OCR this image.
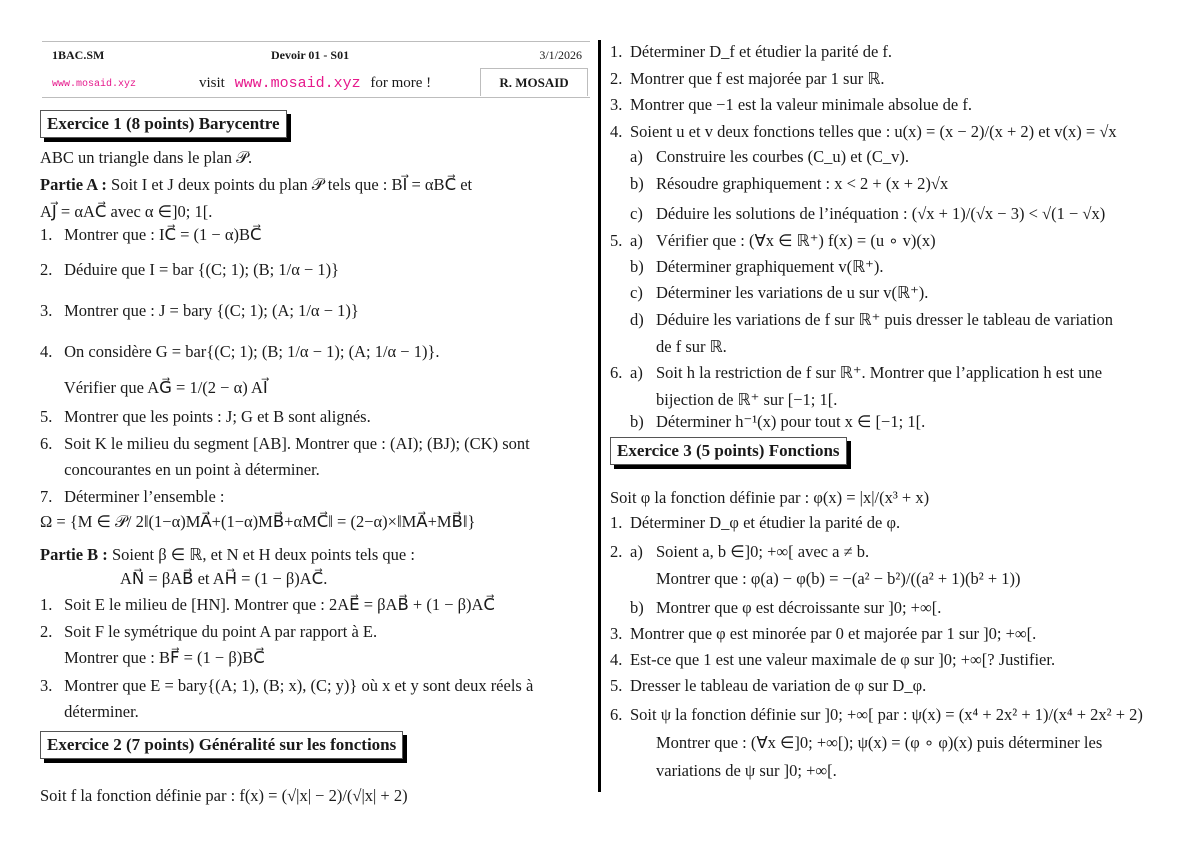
1BAC.SM	Devoir 01 - S01	3/1/2026
www.mosaid.xyz	visit www.mosaid.xyz for more !	R. MOSAID
Exercice 1 (8 points) Barycentre
ABC un triangle dans le plan 𝒫.
Partie A : Soit I et J deux points du plan 𝒫 tels que : BI⃗ = αBC⃗ et
AJ⃗ = αAC⃗ avec α ∈]0; 1[.
1. Montrer que : IC⃗ = (1 − α)BC⃗
2. Déduire que I = bar {(C; 1); (B; 1/α − 1)}
3. Montrer que : J = bary {(C; 1); (A; 1/α − 1)}
4. On considère G = bar{(C; 1); (B; 1/α − 1); (A; 1/α − 1)}.
Vérifier que AG⃗ = 1/(2 − α) AI⃗
5. Montrer que les points : J; G et B sont alignés.
6. Soit K le milieu du segment [AB]. Montrer que : (AI); (BJ); (CK) sont
concourantes en un point à déterminer.
7. Déterminer l’ensemble :
Ω = {M ∈ 𝒫/ 2‖(1−α)MA⃗+(1−α)MB⃗+αMC⃗‖ = (2−α)×‖MA⃗+MB⃗‖}
Partie B : Soient β ∈ ℝ, et N et H deux points tels que :
AN⃗ = βAB⃗ et AH⃗ = (1 − β)AC⃗.
1. Soit E le milieu de [HN]. Montrer que : 2AE⃗ = βAB⃗ + (1 − β)AC⃗
2. Soit F le symétrique du point A par rapport à E.
Montrer que : BF⃗ = (1 − β)BC⃗
3. Montrer que E = bary{(A; 1), (B; x), (C; y)} où x et y sont deux réels à
déterminer.
Exercice 2 (7 points) Généralité sur les fonctions
Soit f la fonction définie par : f(x) = (√|x| − 2)/(√|x| + 2)
1. Déterminer D_f et étudier la parité de f.
2. Montrer que f est majorée par 1 sur ℝ.
3. Montrer que −1 est la valeur minimale absolue de f.
4. Soient u et v deux fonctions telles que : u(x) = (x − 2)/(x + 2) et v(x) = √x
a) Construire les courbes (C_u) et (C_v).
b) Résoudre graphiquement : x < 2 + (x + 2)√x
c) Déduire les solutions de l’inéquation : (√x + 1)/(√x − 3) < √(1 − √x)
5. a) Vérifier que : (∀x ∈ ℝ⁺) f(x) = (u ∘ v)(x)
b) Déterminer graphiquement v(ℝ⁺).
c) Déterminer les variations de u sur v(ℝ⁺).
d) Déduire les variations de f sur ℝ⁺ puis dresser le tableau de variation
de f sur ℝ.
6. a) Soit h la restriction de f sur ℝ⁺. Montrer que l’application h est une
bijection de ℝ⁺ sur [−1; 1[.
b) Déterminer h⁻¹(x) pour tout x ∈ [−1; 1[.
Exercice 3 (5 points) Fonctions
Soit φ la fonction définie par : φ(x) = |x|/(x³ + x)
1. Déterminer D_φ et étudier la parité de φ.
2. a) Soient a, b ∈]0; +∞[ avec a ≠ b.
Montrer que : φ(a) − φ(b) = −(a² − b²)/((a² + 1)(b² + 1))
b) Montrer que φ est décroissante sur ]0; +∞[.
3. Montrer que φ est minorée par 0 et majorée par 1 sur ]0; +∞[.
4. Est-ce que 1 est une valeur maximale de φ sur ]0; +∞[? Justifier.
5. Dresser le tableau de variation de φ sur D_φ.
6. Soit ψ la fonction définie sur ]0; +∞[ par : ψ(x) = (x⁴ + 2x² + 1)/(x⁴ + 2x² + 2)
Montrer que : (∀x ∈]0; +∞[); ψ(x) = (φ ∘ φ)(x) puis déterminer les
variations de ψ sur ]0; +∞[.
